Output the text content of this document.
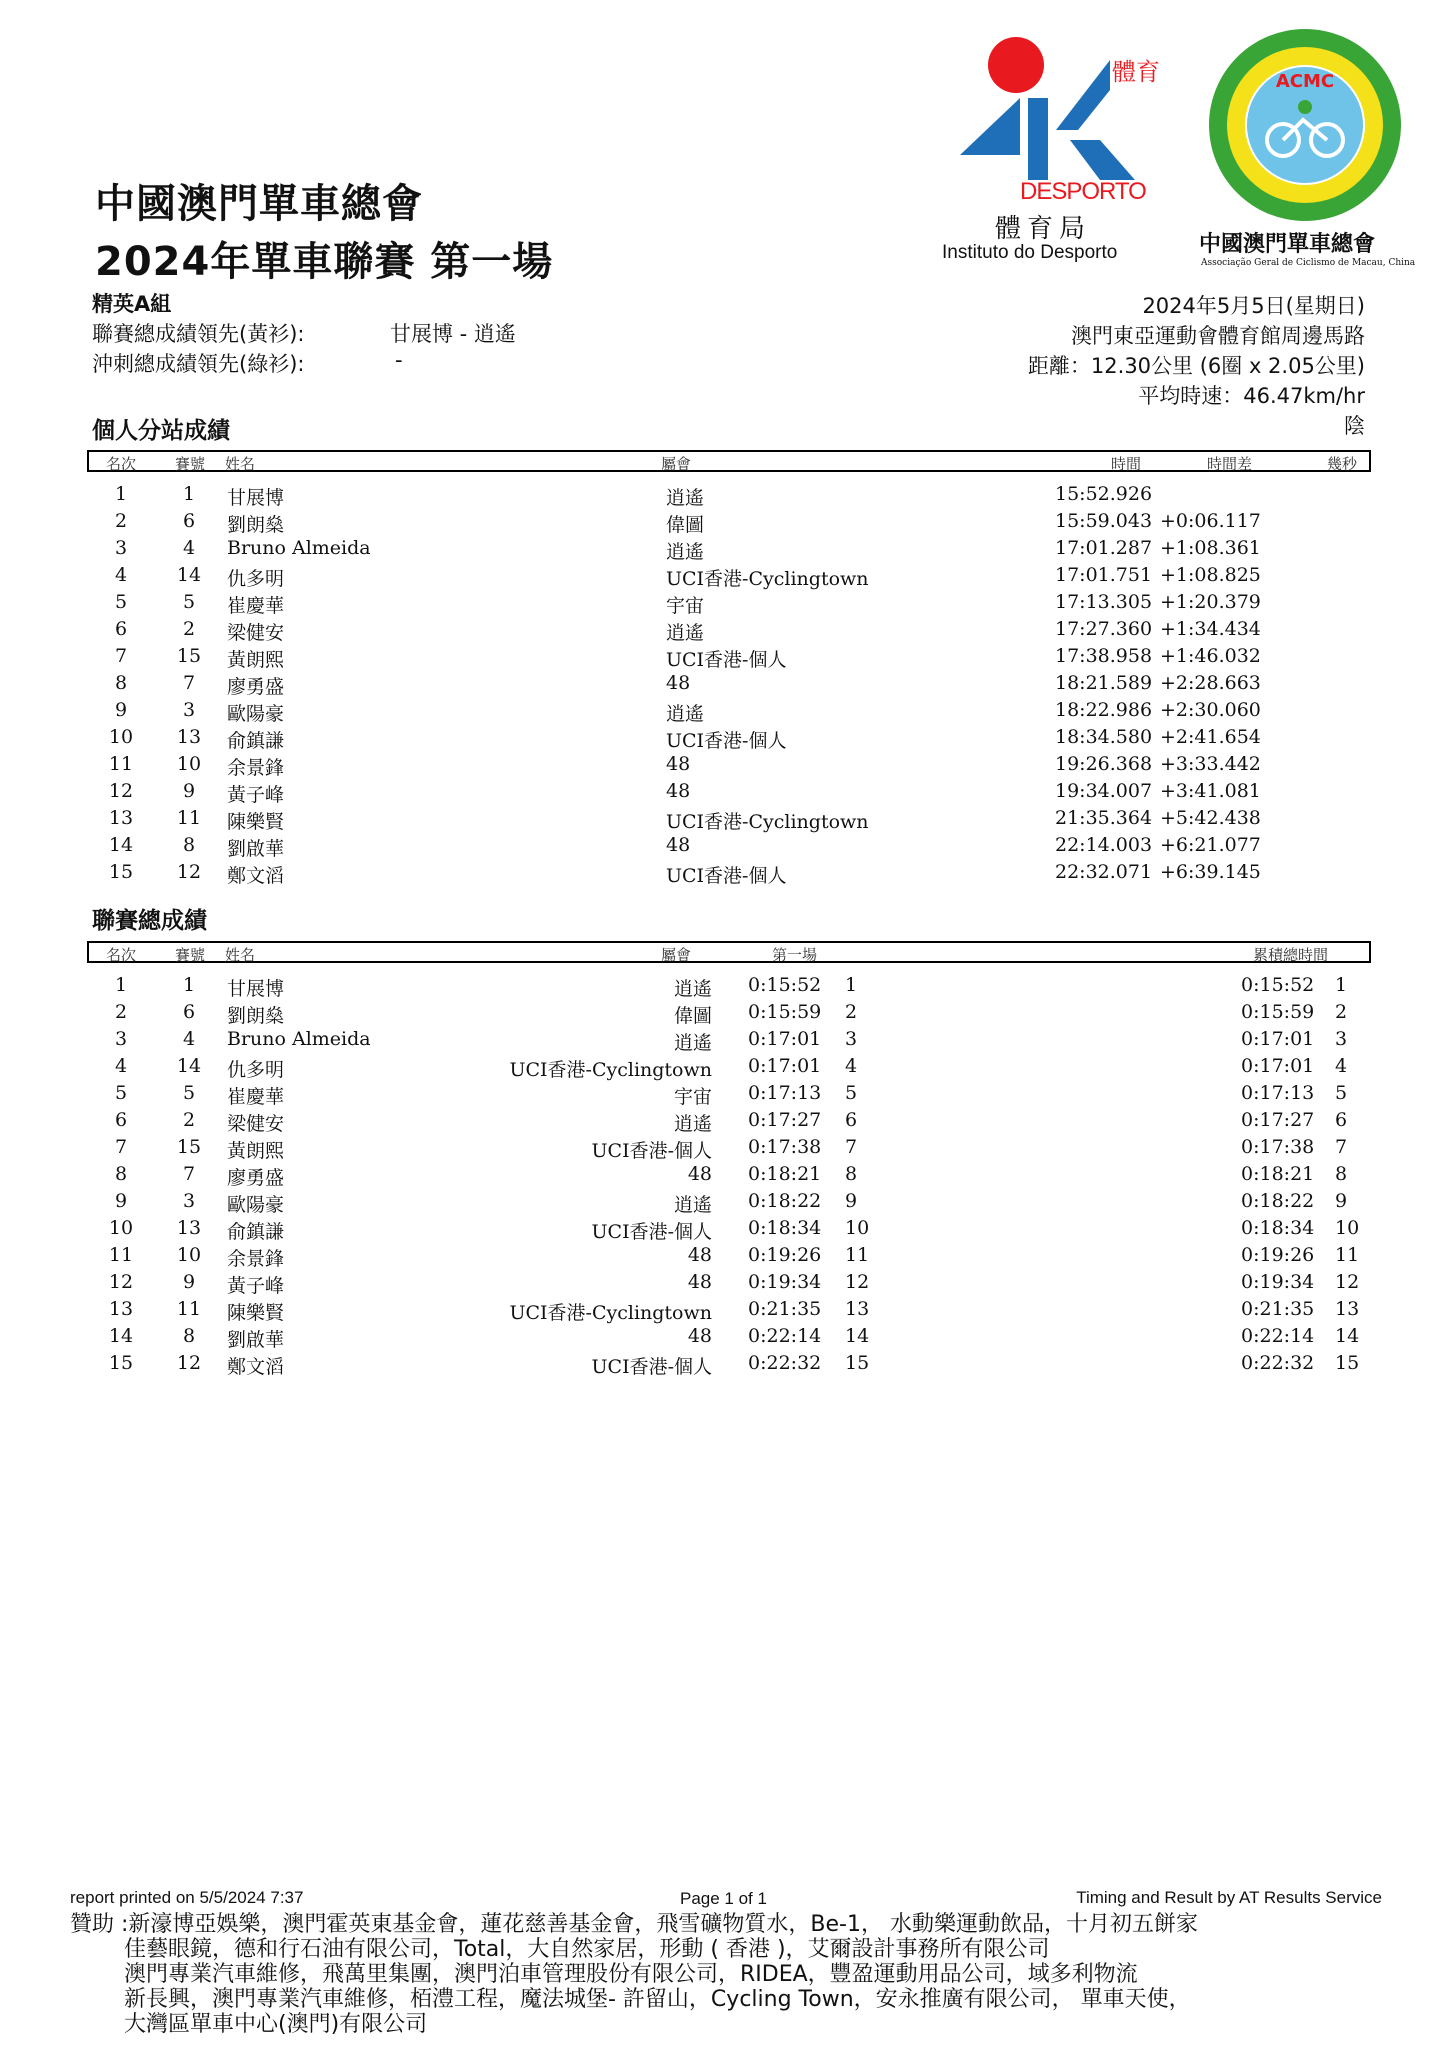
中國澳門單車總會
2024年單車聯賽 第一場
精英A組
聯賽總成績領先(黃衫):	甘展博 - 逍遙
沖刺總成績領先(綠衫):	-
2024年5月5日(星期日)
澳門東亞運動會體育館周邊馬路
距離：12.30公里 (6圈 x 2.05公里)
平均時速：46.47km/hr
陰
體育
DESPORTO
體育局
Instituto do Desporto
ACMC
中國澳門單車總會
Associação Geral de Ciclismo de Macau, China
個人分站成績
名次	賽號 姓名	屬會	時間	時間差	幾秒
1	1	甘展博	逍遙	15:52.926
2	6	劉朗燊	偉圖	15:59.043 +0:06.117
3	4	Bruno Almeida	逍遙	17:01.287 +1:08.361
4	14	仇多明	UCI香港-Cyclingtown	17:01.751 +1:08.825
5	5	崔慶華	宇宙	17:13.305 +1:20.379
6	2	梁健安	逍遙	17:27.360 +1:34.434
7	15	黃朗熙	UCI香港-個人	17:38.958 +1:46.032
8	7	廖勇盛	48	18:21.589 +2:28.663
9	3	歐陽豪	逍遙	18:22.986 +2:30.060
10	13	俞鎮謙	UCI香港-個人	18:34.580 +2:41.654
11	10	余景鋒	48	19:26.368 +3:33.442
12	9	黃子峰	48	19:34.007 +3:41.081
13	11	陳樂賢	UCI香港-Cyclingtown	21:35.364 +5:42.438
14	8	劉啟華	48	22:14.003 +6:21.077
15	12	鄭文滔	UCI香港-個人	22:32.071 +6:39.145
聯賽總成績
名次	賽號 姓名	屬會	第一場	累積總時間
1	1	甘展博	逍遙 0:15:52 1	0:15:52 1
2	6	劉朗燊	偉圖 0:15:59 2	0:15:59 2
3	4	Bruno Almeida	逍遙 0:17:01 3	0:17:01 3
4	14	仇多明	UCI香港-Cyclingtown 0:17:01 4	0:17:01 4
5	5	崔慶華	宇宙 0:17:13 5	0:17:13 5
6	2	梁健安	逍遙 0:17:27 6	0:17:27 6
7	15	黃朗熙	UCI香港-個人 0:17:38 7	0:17:38 7
8	7	廖勇盛	48 0:18:21 8	0:18:21 8
9	3	歐陽豪	逍遙 0:18:22 9	0:18:22 9
10	13	俞鎮謙	UCI香港-個人 0:18:34 10	0:18:34 10
11	10	余景鋒	48 0:19:26 11	0:19:26 11
12	9	黃子峰	48 0:19:34 12	0:19:34 12
13	11	陳樂賢	UCI香港-Cyclingtown 0:21:35 13	0:21:35 13
14	8	劉啟華	48 0:22:14 14	0:22:14 14
15	12	鄭文滔	UCI香港-個人 0:22:32 15	0:22:32 15
report printed on 5/5/2024 7:37	Page 1 of 1	Timing and Result by AT Results Service
贊助 :新濠博亞娛樂，澳門霍英東基金會，蓮花慈善基金會，飛雪礦物質水，Be-1， 水動樂運動飲品，十月初五餅家
佳藝眼鏡，德和行石油有限公司，Total，大自然家居，形動 ( 香港 )，艾爾設計事務所有限公司
澳門專業汽車維修，飛萬里集團，澳門泊車管理股份有限公司，RIDEA，豐盈運動用品公司，域多利物流
新長興，澳門專業汽車維修，栢澧工程，魔法城堡- 許留山，Cycling Town，安永推廣有限公司， 單車天使，
大灣區單車中心(澳門)有限公司
